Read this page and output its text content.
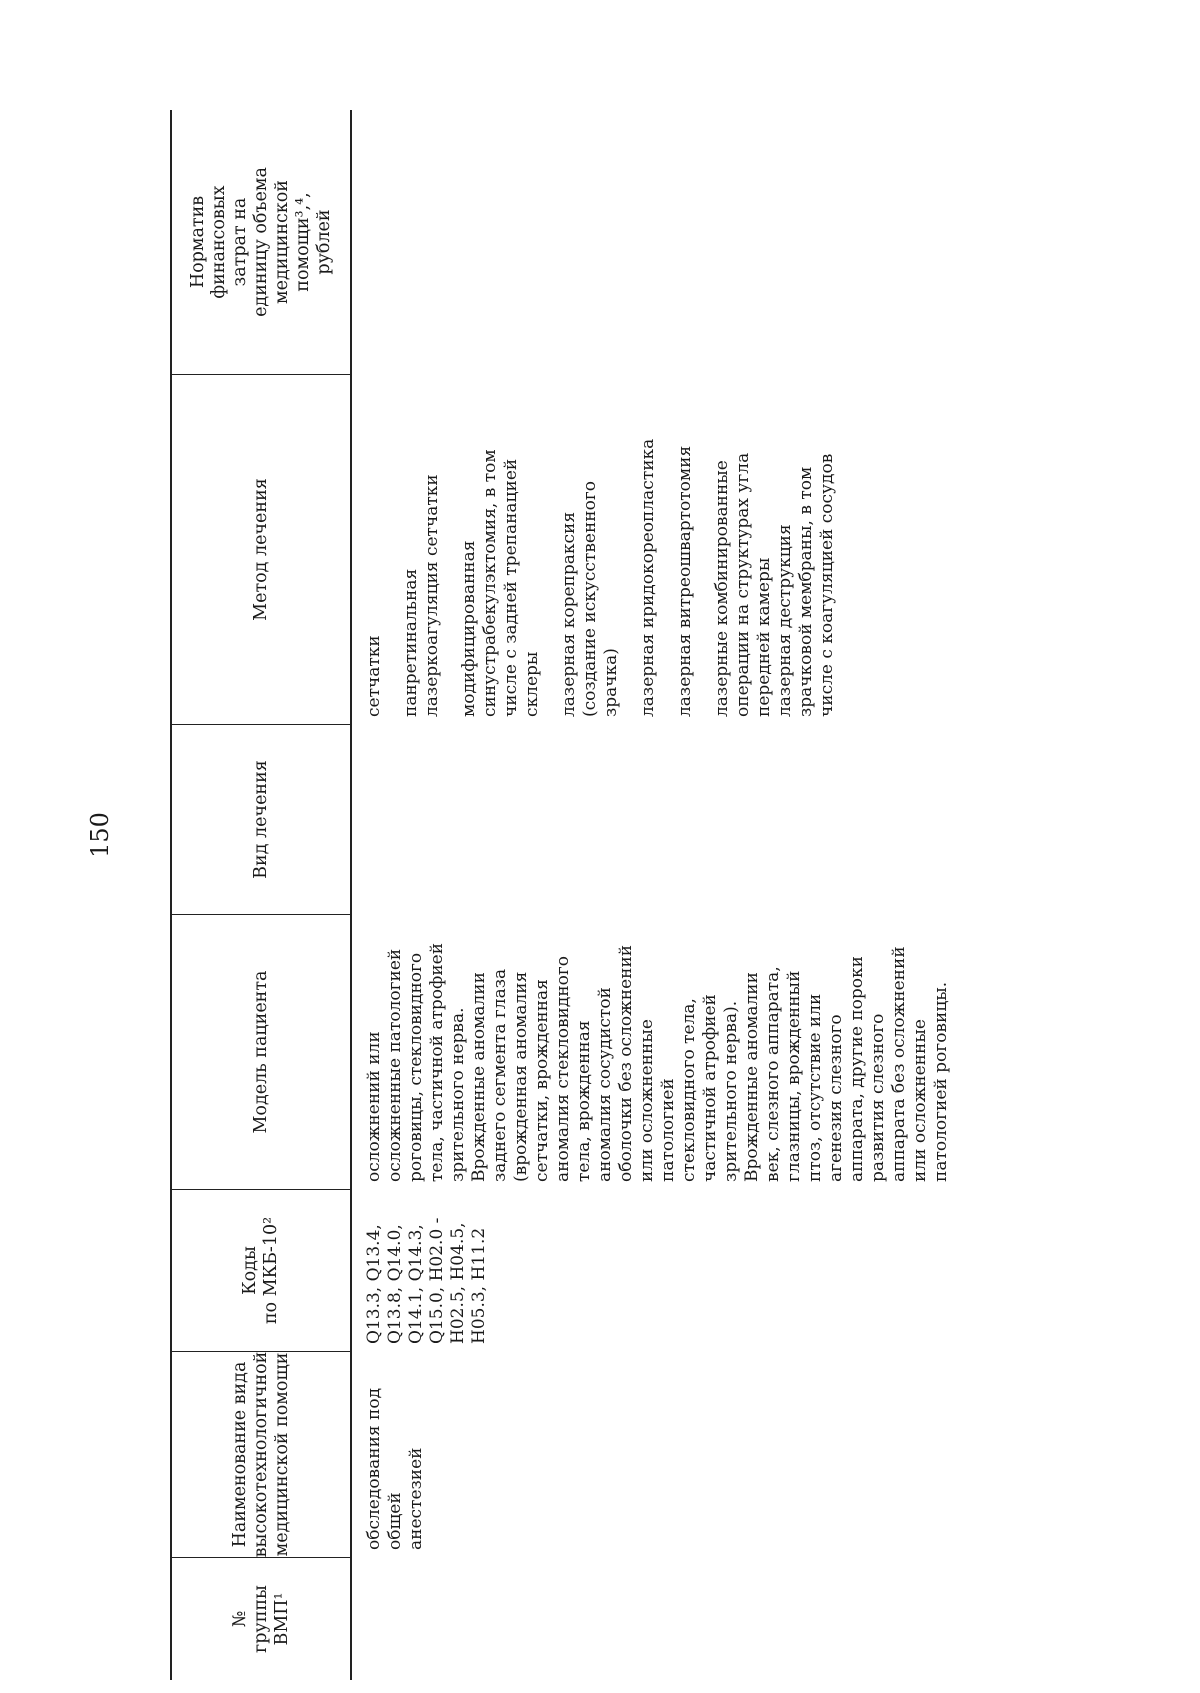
150
№
группы
ВМП¹
Наименование вида
высокотехнологичной
медицинской помощи
Коды
по МКБ-10²
Модель пациента
Вид лечения
Метод лечения
Норматив
финансовых
затрат на
единицу объема
медицинской
помощи³,⁴,
рублей
обследования под общей
анестезией
Q13.3, Q13.4,
Q13.8, Q14.0,
Q14.1, Q14.3,
Q15.0, H02.0 -
H02.5, H04.5,
H05.3, H11.2
осложнений или
осложненные патологией
роговицы, стекловидного
тела, частичной атрофией
зрительного нерва.
Врожденные аномалии
заднего сегмента глаза
(врожденная аномалия
сетчатки, врожденная
аномалия стекловидного
тела, врожденная
аномалия сосудистой
оболочки без осложнений
или осложненные
патологией
стекловидного тела,
частичной атрофией
зрительного нерва).
Врожденные аномалии
век, слезного аппарата,
глазницы, врожденный
птоз, отсутствие или
агенезия слезного
аппарата, другие пороки
развития слезного
аппарата без осложнений
или осложненные
патологией роговицы.
сетчатки панретинальная
лазеркоагуляция сетчатки
модифицированная
синустрабекулэктомия, в том
числе с задней трепанацией
склеры лазерная корепраксия
(создание искусственного
зрачка) лазерная иридокореопластика лазерная витреошвартотомия лазерные комбинированные
операции на структурах угла
передней камеры
лазерная деструкция
зрачковой мембраны, в том
числе с коагуляцией сосудов
